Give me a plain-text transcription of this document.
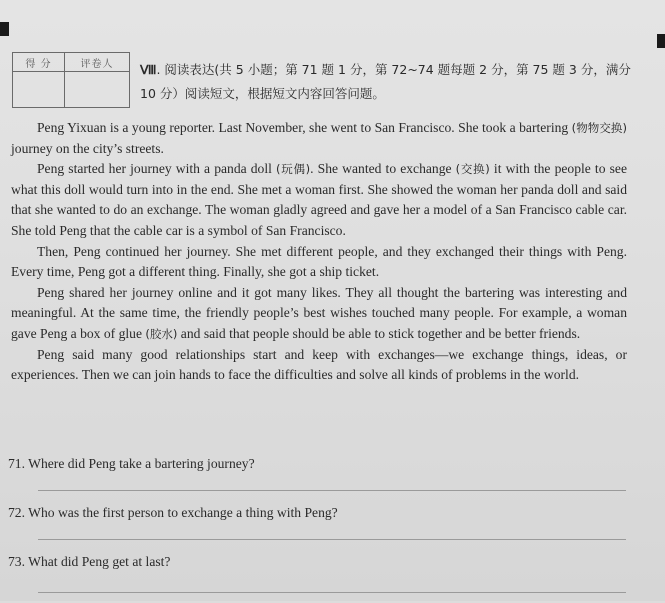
得 分	评卷人
	Ⅷ. 阅读表达(共 5 小题；第 71 题 1 分，第 72~74 题每题 2 分，第 75 题 3 分，满分 10 分）阅读短文，根据短文内容回答问题。

Peng Yixuan is a young reporter. Last November, she went to San Francisco. She took a bartering (物物交换) journey on the city’s streets.

Peng started her journey with a panda doll (玩偶). She wanted to exchange (交换) it with the people to see what this doll would turn into in the end. She met a woman first. She showed the woman her panda doll and said that she wanted to do an exchange. The woman gladly agreed and gave her a model of a San Francisco cable car. She told Peng that the cable car is a symbol of San Francisco.

Then, Peng continued her journey. She met different people, and they exchanged their things with Peng. Every time, Peng got a different thing. Finally, she got a ship ticket.

Peng shared her journey online and it got many likes. They all thought the bartering was interesting and meaningful. At the same time, the friendly people’s best wishes touched many people. For example, a woman gave Peng a box of glue (胶水) and said that people should be able to stick together and be better friends.

Peng said many good relationships start and keep with exchanges—we exchange things, ideas, or experiences. Then we can join hands to face the difficulties and solve all kinds of problems in the world.

71. Where did Peng take a bartering journey?
72. Who was the first person to exchange a thing with Peng?
73. What did Peng get at last?
